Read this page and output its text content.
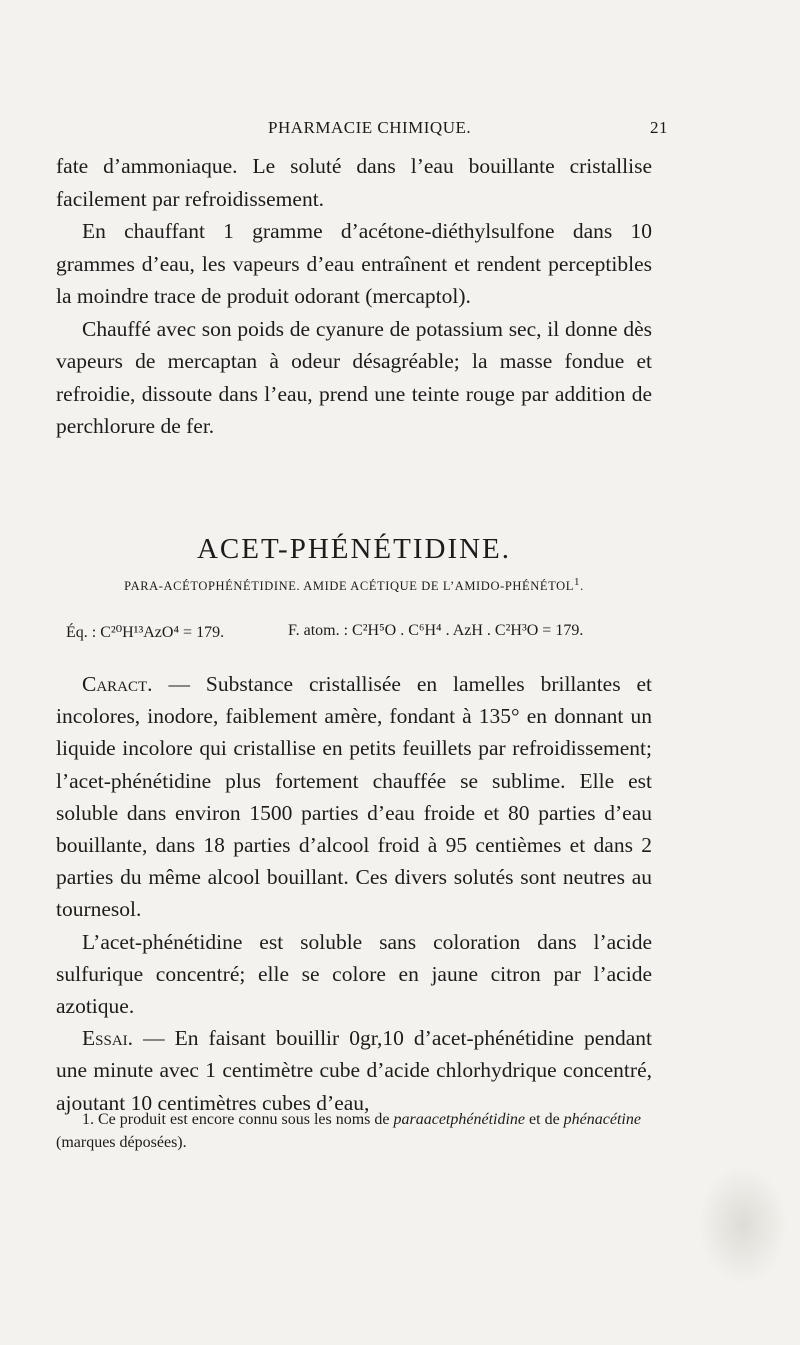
PHARMACIE CHIMIQUE.	21

fate d’ammoniaque. Le soluté dans l’eau bouillante cristallise facilement par refroidissement.

En chauffant 1 gramme d’acétone-diéthylsulfone dans 10 grammes d’eau, les vapeurs d’eau entraînent et rendent perceptibles la moindre trace de produit odorant (mercaptol).

Chauffé avec son poids de cyanure de potassium sec, il donne dès vapeurs de mercaptan à odeur désagréable; la masse fondue et refroidie, dissoute dans l’eau, prend une teinte rouge par addition de perchlorure de fer.

ACET-PHÉNÉTIDINE.

PARA-ACÉTOPHÉNÉTIDINE. AMIDE ACÉTIQUE DE L’AMIDO-PHÉNÉTOL1.

Éq. : C²⁰H¹³AzO⁴ = 179.	F. atom. : C²H⁵O . C⁶H⁴ . AzH . C²H³O = 179.

Caract. — Substance cristallisée en lamelles brillantes et incolores, inodore, faiblement amère, fondant à 135° en donnant un liquide incolore qui cristallise en petits feuillets par refroidissement; l’acet-phénétidine plus fortement chauffée se sublime. Elle est soluble dans environ 1500 parties d’eau froide et 80 parties d’eau bouillante, dans 18 parties d’alcool froid à 95 centièmes et dans 2 parties du même alcool bouillant. Ces divers solutés sont neutres au tournesol.

L’acet-phénétidine est soluble sans coloration dans l’acide sulfurique concentré; elle se colore en jaune citron par l’acide azotique.

Essai. — En faisant bouillir 0gr,10 d’acet-phénétidine pendant une minute avec 1 centimètre cube d’acide chlorhydrique concentré, ajoutant 10 centimètres cubes d’eau,

1. Ce produit est encore connu sous les noms de paraacetphénétidine et de phénacétine (marques déposées).
